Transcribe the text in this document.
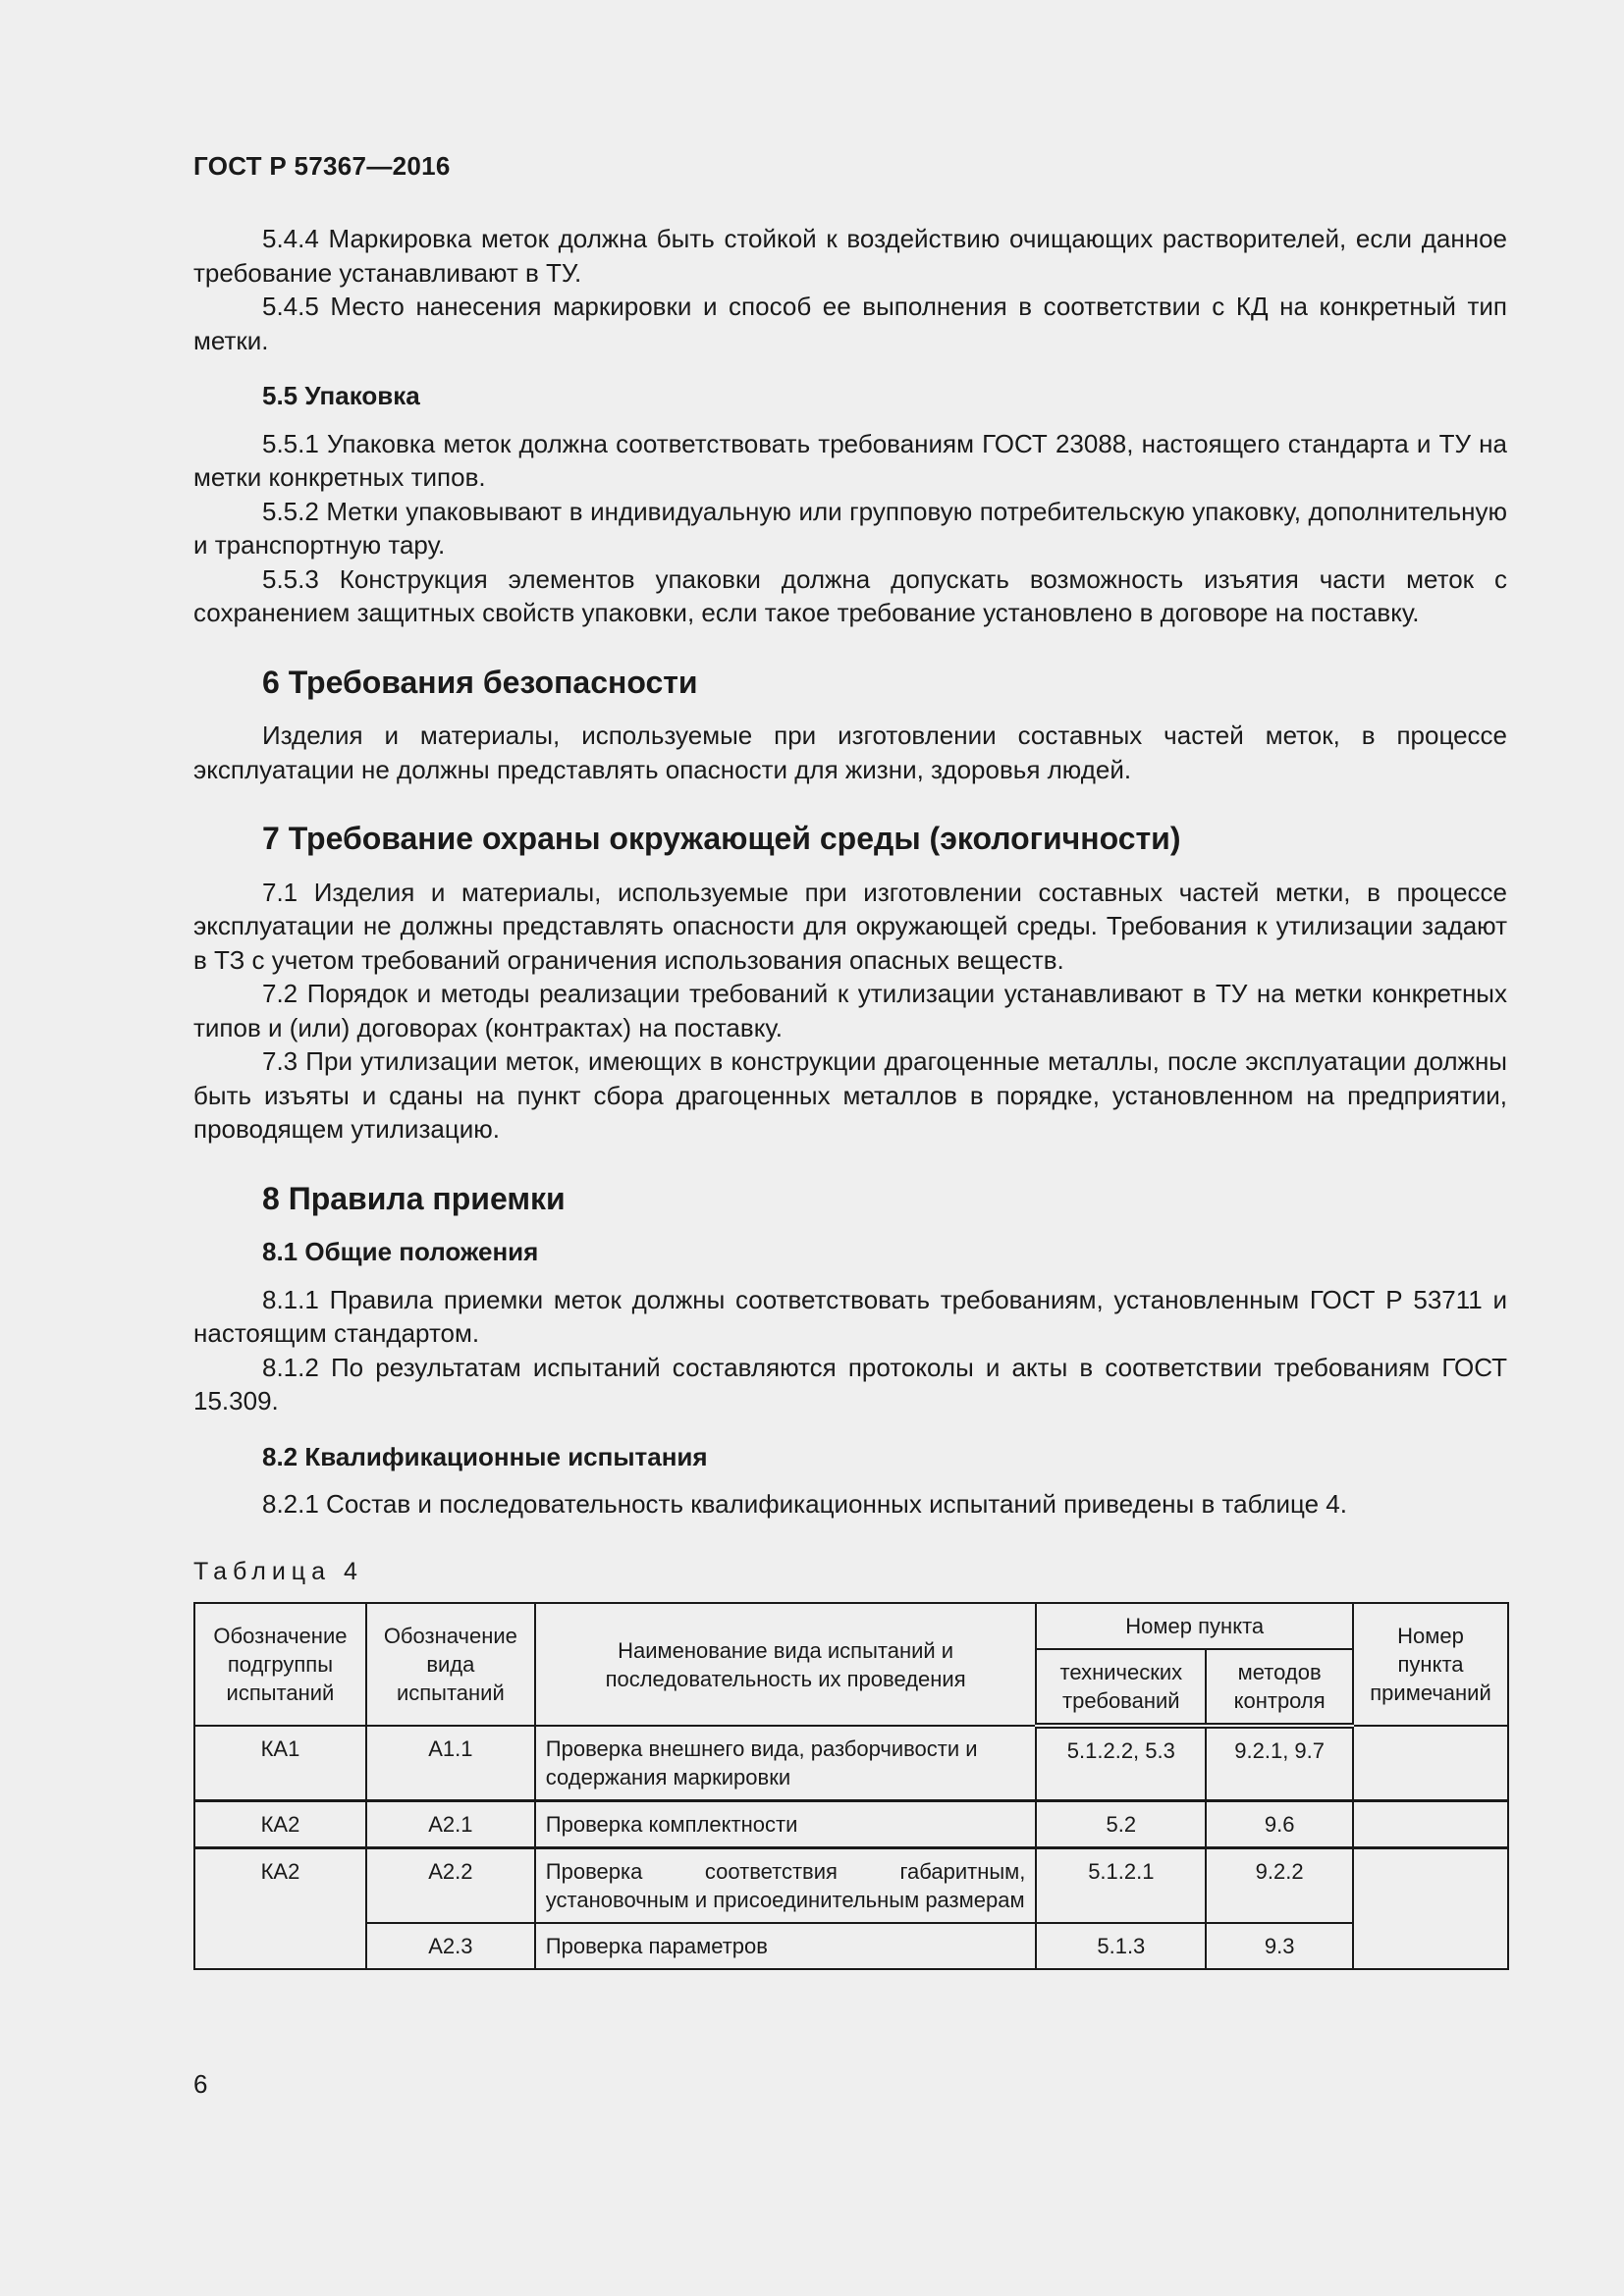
ГОСТ Р 57367—2016

5.4.4 Маркировка меток должна быть стойкой к воздействию очищающих растворителей, если данное требование устанавливают в ТУ.

5.4.5 Место нанесения маркировки и способ ее выполнения в соответствии с КД на конкретный тип метки.

5.5 Упаковка

5.5.1 Упаковка меток должна соответствовать требованиям ГОСТ 23088, настоящего стандарта и ТУ на метки конкретных типов.

5.5.2 Метки упаковывают в индивидуальную или групповую потребительскую упаковку, дополнительную и транспортную тару.

5.5.3 Конструкция элементов упаковки должна допускать возможность изъятия части меток с сохранением защитных свойств упаковки, если такое требование установлено в договоре на поставку.

6 Требования безопасности

Изделия и материалы, используемые при изготовлении составных частей меток, в процессе эксплуатации не должны представлять опасности для жизни, здоровья людей.

7 Требование охраны окружающей среды (экологичности)

7.1 Изделия и материалы, используемые при изготовлении составных частей метки, в процессе эксплуатации не должны представлять опасности для окружающей среды. Требования к утилизации задают в ТЗ с учетом требований ограничения использования опасных веществ.

7.2 Порядок и методы реализации требований к утилизации устанавливают в ТУ на метки конкретных типов и (или) договорах (контрактах) на поставку.

7.3 При утилизации меток, имеющих в конструкции драгоценные металлы, после эксплуатации должны быть изъяты и сданы на пункт сбора драгоценных металлов в порядке, установленном на предприятии, проводящем утилизацию.

8 Правила приемки
8.1 Общие положения

8.1.1 Правила приемки меток должны соответствовать требованиям, установленным ГОСТ Р 53711 и настоящим стандартом.

8.1.2 По результатам испытаний составляются протоколы и акты в соответствии требованиям ГОСТ 15.309.

8.2 Квалификационные испытания

8.2.1 Состав и последовательность квалификационных испытаний приведены в таблице 4.

Таблица 4
Обозначение подгруппы испытаний	Обозначение вида испытаний	Наименование вида испытаний и последовательность их проведения	Номер пункта		Номер пункта примечаний
			технических требований	методов контроля	
КА1	А1.1	Проверка внешнего вида, разборчивости и содержания маркировки	5.1.2.2, 5.3	9.2.1, 9.7	
КА2	А2.1	Проверка комплектности	5.2	9.6	
КА2	А2.2	Проверка соответствия габаритным, установочным и присоединительным размерам	5.1.2.1	9.2.2	
	А2.3	Проверка параметров	5.1.3	9.3	
6
